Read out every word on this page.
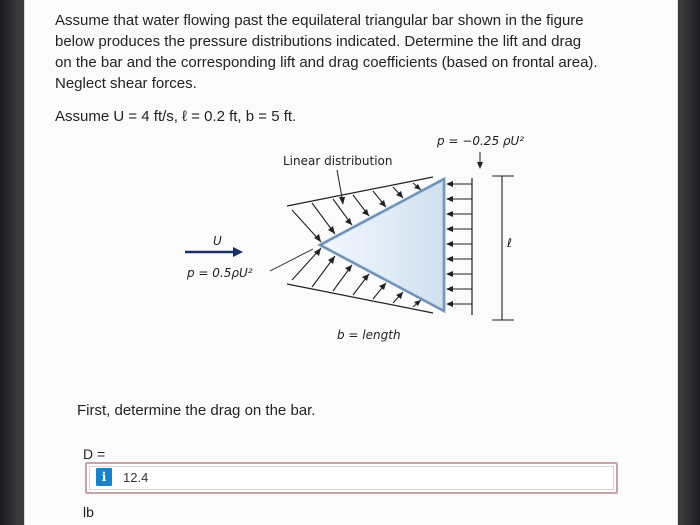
Assume that water flowing past the equilateral triangular bar shown in the figure

below produces the pressure distributions indicated. Determine the lift and drag

on the bar and the corresponding lift and drag coefficients (based on frontal area).

Neglect shear forces.

Assume U = 4 ft/s, ℓ = 0.2 ft, b = 5 ft.
Linear distribution
U
p = 0.5ρU²
p = −0.25 ρU²
ℓ
b = length
First, determine the drag on the bar.
D =
i	12.4
lb
